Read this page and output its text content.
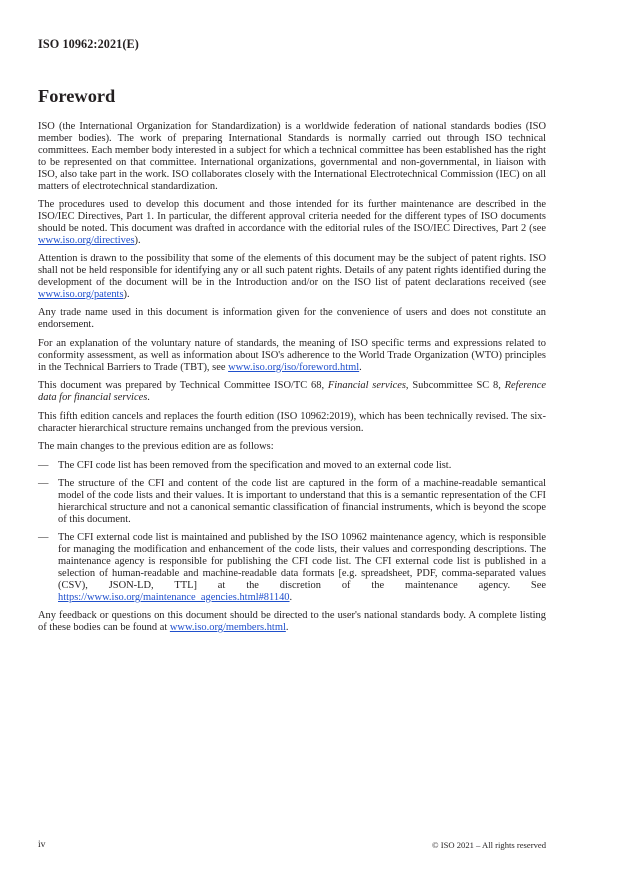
ISO 10962:2021(E)
Foreword

ISO (the International Organization for Standardization) is a worldwide federation of national standards bodies (ISO member bodies). The work of preparing International Standards is normally carried out through ISO technical committees. Each member body interested in a subject for which a technical committee has been established has the right to be represented on that committee. International organizations, governmental and non-governmental, in liaison with ISO, also take part in the work. ISO collaborates closely with the International Electrotechnical Commission (IEC) on all matters of electrotechnical standardization.

The procedures used to develop this document and those intended for its further maintenance are described in the ISO/IEC Directives, Part 1. In particular, the different approval criteria needed for the different types of ISO documents should be noted. This document was drafted in accordance with the editorial rules of the ISO/IEC Directives, Part 2 (see www.iso.org/directives).

Attention is drawn to the possibility that some of the elements of this document may be the subject of patent rights. ISO shall not be held responsible for identifying any or all such patent rights. Details of any patent rights identified during the development of the document will be in the Introduction and/or on the ISO list of patent declarations received (see www.iso.org/patents).

Any trade name used in this document is information given for the convenience of users and does not constitute an endorsement.

For an explanation of the voluntary nature of standards, the meaning of ISO specific terms and expressions related to conformity assessment, as well as information about ISO's adherence to the World Trade Organization (WTO) principles in the Technical Barriers to Trade (TBT), see www.iso.org/iso/foreword.html.

This document was prepared by Technical Committee ISO/TC 68, Financial services, Subcommittee SC 8, Reference data for financial services.

This fifth edition cancels and replaces the fourth edition (ISO 10962:2019), which has been technically revised. The six-character hierarchical structure remains unchanged from the previous version.

The main changes to the previous edition are as follows:

— The CFI code list has been removed from the specification and moved to an external code list.
— The structure of the CFI and content of the code list are captured in the form of a machine-readable semantical model of the code lists and their values. It is important to understand that this is a semantic representation of the CFI hierarchical structure and not a canonical semantic classification of financial instruments, which is beyond the scope of this document.
— The CFI external code list is maintained and published by the ISO 10962 maintenance agency, which is responsible for managing the modification and enhancement of the code lists, their values and corresponding descriptions. The maintenance agency is responsible for publishing the CFI code list. The CFI external code list is published in a selection of human-readable and machine-readable data formats [e.g. spreadsheet, PDF, comma-separated values (CSV), JSON-LD, TTL] at the discretion of the maintenance agency. See https://www.iso.org/maintenance_agencies.html#81140.

Any feedback or questions on this document should be directed to the user's national standards body. A complete listing of these bodies can be found at www.iso.org/members.html.

iv	© ISO 2021 – All rights reserved
